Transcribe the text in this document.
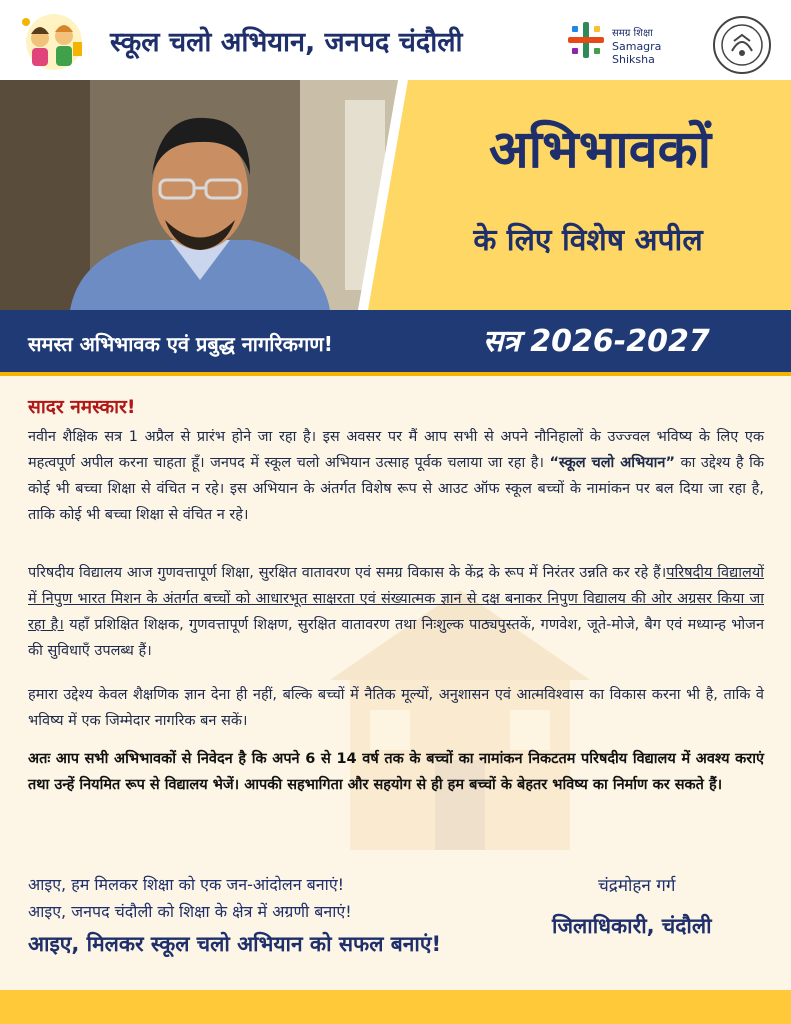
स्कूल चलो अभियान, जनपद चंदौली	समग्र शिक्षा
Samagra Shiksha
अभिभावकों
के लिए विशेष अपील
समस्त अभिभावक एवं प्रबुद्ध नागरिकगण!	सत्र 2026-2027
सादर नमस्कार!
नवीन शैक्षिक सत्र 1 अप्रैल से प्रारंभ होने जा रहा है। इस अवसर पर मैं आप सभी से अपने नौनिहालों के उज्ज्वल भविष्य के लिए एक महत्वपूर्ण अपील करना चाहता हूँ। जनपद में स्कूल चलो अभियान उत्साह पूर्वक चलाया जा रहा है। “स्कूल चलो अभियान” का उद्देश्य है कि कोई भी बच्चा शिक्षा से वंचित न रहे। इस अभियान के अंतर्गत विशेष रूप से आउट ऑफ स्कूल बच्चों के नामांकन पर बल दिया जा रहा है, ताकि कोई भी बच्चा शिक्षा से वंचित न रहे।
परिषदीय विद्यालय आज गुणवत्तापूर्ण शिक्षा, सुरक्षित वातावरण एवं समग्र विकास के केंद्र के रूप में निरंतर उन्नति कर रहे हैं।परिषदीय विद्यालयों में निपुण भारत मिशन के अंतर्गत बच्चों को आधारभूत साक्षरता एवं संख्यात्मक ज्ञान से दक्ष बनाकर निपुण विद्यालय की ओर अग्रसर किया जा रहा है। यहाँ प्रशिक्षित शिक्षक, गुणवत्तापूर्ण शिक्षण, सुरक्षित वातावरण तथा निःशुल्क पाठ्यपुस्तकें, गणवेश, जूते-मोजे, बैग एवं मध्यान्ह भोजन की सुविधाएँ उपलब्ध हैं।
हमारा उद्देश्य केवल शैक्षणिक ज्ञान देना ही नहीं, बल्कि बच्चों में नैतिक मूल्यों, अनुशासन एवं आत्मविश्वास का विकास करना भी है, ताकि वे भविष्य में एक जिम्मेदार नागरिक बन सकें।
अतः आप सभी अभिभावकों से निवेदन है कि अपने 6 से 14 वर्ष तक के बच्चों का नामांकन निकटतम परिषदीय विद्यालय में अवश्य कराएं तथा उन्हें नियमित रूप से विद्यालय भेजें। आपकी सहभागिता और सहयोग से ही हम बच्चों के बेहतर भविष्य का निर्माण कर सकते हैं।
आइए, हम मिलकर शिक्षा को एक जन-आंदोलन बनाएं!
आइए, जनपद चंदौली को शिक्षा के क्षेत्र में अग्रणी बनाएं!
आइए, मिलकर स्कूल चलो अभियान को सफल बनाएं!
चंद्रमोहन गर्ग
जिलाधिकारी, चंदौली
